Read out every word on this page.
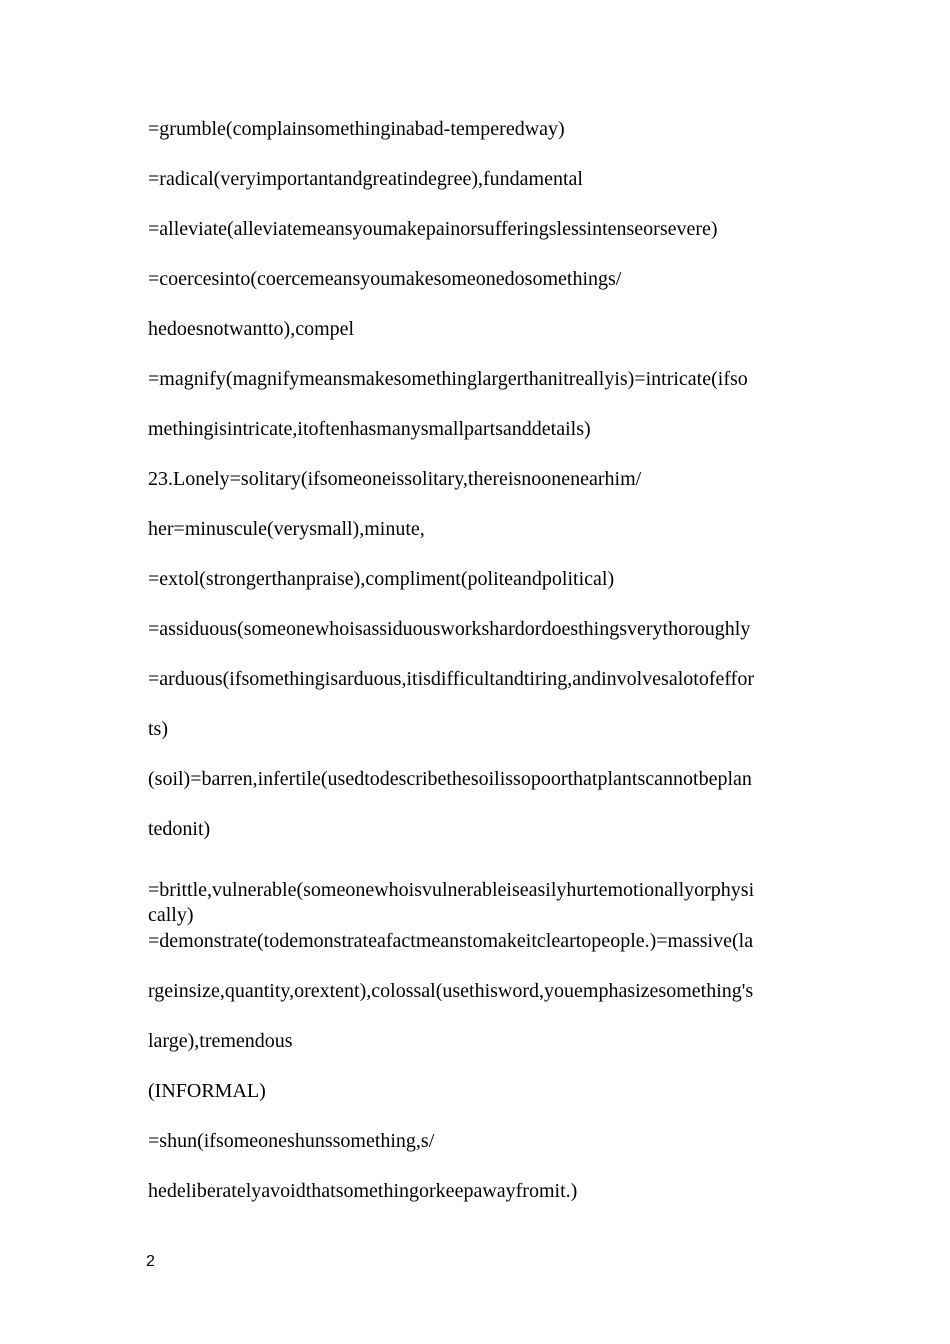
=grumble(complainsomethinginabad-temperedway)
=radical(veryimportantandgreatindegree),fundamental
=alleviate(alleviatemeansyoumakepainorsufferingslessintenseorsevere)
=coercesinto(coercemeansyoumakesomeonedosomethings/
hedoesnotwantto),compel
=magnify(magnifymeansmakesomethinglargerthanitreallyis)=intricate(ifso
methingisintricate,itoftenhasmanysmallpartsanddetails)
23.Lonely=solitary(ifsomeoneissolitary,thereisnoonenearhim/
her=minuscule(verysmall),minute,
=extol(strongerthanpraise),compliment(politeandpolitical)
=assiduous(someonewhoisassiduousworkshardordoesthingsverythoroughly
=arduous(ifsomethingisarduous,itisdifficultandtiring,andinvolvesalotofeffor
ts)
(soil)=barren,infertile(usedtodescribethesoilissopoorthatplantscannotbeplan
tedonit)
=brittle,vulnerable(someonewhoisvulnerableiseasilyhurtemotionallyorphysi
cally)
=demonstrate(todemonstrateafactmeanstomakeitcleartopeople.)=massive(la
rgeinsize,quantity,orextent),colossal(usethisword,youemphasizesomething's
large),tremendous
(INFORMAL)
=shun(ifsomeoneshunssomething,s/
hedeliberatelyavoidthatsomethingorkeepawayfromit.)
2
